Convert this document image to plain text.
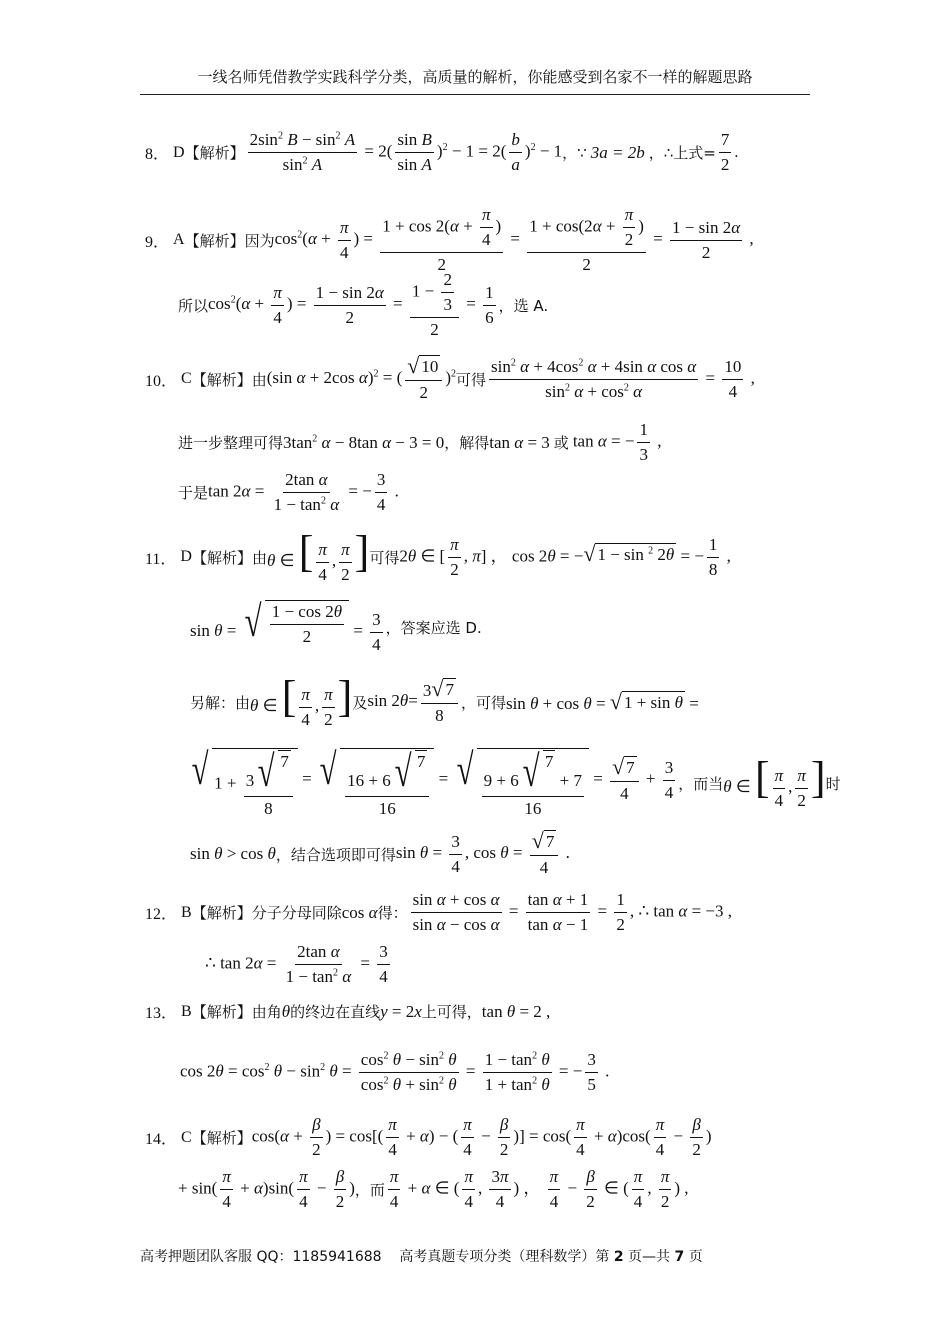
一线名师凭借教学实践科学分类，高质量的解析，你能感受到名家不一样的解题思路
8． D 【解析】 $\frac{2\sin^2 B - \sin^2 A}{\sin^2 A} = 2( \frac{\text{sin B}}{\text{sin A}} )^2 - 1 = 2( \frac{b}{a} )^2 - 1$ ，∵ 3a = 2b ，∴上式= $\frac{7}{2}$ .
9． A 【解析】 因为 $\cos^2(\alpha + \frac{\pi}{4}$ ) = $\frac{1 + \cos 2(\alpha + \frac{\pi}{4} )}{2} = \frac{1 + \cos(2\alpha + \frac{\pi}{2} )}{2} = \frac{1 - \sin 2\alpha}{2}$ ,
所以 $\cos^2(\alpha + \frac{\pi}{4}$ ) = $\frac{1 - \sin 2\alpha}{2} = \frac{1 - \frac{2}{3}}{2} = \frac{1}{6}$ ，选 A.
10． C 【解析】 由 (sin α + 2cos α)$^2$ = ( $\frac{√ 10}{2} )^2$ 可得 $\frac{\sin^2 \alpha + 4\cos^2 \alpha + 4\sin \alpha \cos \alpha}{\sin^2 \alpha + \cos^2 \alpha} = \frac{10}{4}$ ,
进一步整理可得 $3\tan^2$ α − 8tan α − 3 = 0 ，解得 tan α = 3 或 tan α = − $\frac{1}{3}$ ,
于是 $\tan 2\alpha = \frac{\text{2tan α}}{1 - \tan^2 \alpha}$ = − $\frac{3}{4}$ .
11． D 【解析】 由 θ ∈ [ $\frac{\pi}{4}$ , $\frac{\pi}{2}$ ] 可得 2θ ∈ [ $\frac{\pi}{2}$ , π] ， cos 2θ = − √ 1 − sin $^2$ 2θ = − $\frac{1}{8}$ ,
sin θ = √ $\frac{1 - \cos 2\theta}{2} = \frac{3}{4}$ ，答案应选 D.
另解：由 θ ∈ [ $\frac{\pi}{4}$ , $\frac{\pi}{2}$ ] 及 $\sin 2\theta= \frac{3 √ 7}{8}$ ，可得 sin θ + cos θ = √ 1 + sin θ =
√ $1 + \frac{3 √ 7}{8}$ = √ $\frac{16 + 6 √ 7}{16}$ = √ 9 + 6 √ 7
+ 7
$16 = \frac{√ 7}{4} + \frac{3}{4}$ ，而当 θ ∈ [ $\frac{\pi}{4}$ , $\frac{\pi}{2}$ ] 时
sin θ > cos θ ，结合选项即可得 $\sin \theta = \frac{3}{4}$ , $\cos \theta = \frac{√ 7}{4}$ .
12． B 【解析】 分子分母同除 cos α 得： $\frac{\text{sin α + cos α}}{\text{sin α − cos α}} = \frac{\text{tan α + 1}}{\text{tan α − 1}} = \frac{1}{2}$ , ∴ tan α = −3 ,
∴ $\tan 2\alpha = \frac{\text{2tan α}}{1 - \tan^2 \alpha} = \frac{3}{4}$
13． B 【解析】 由角 θ 的终边在直线 y = 2x 上可得， tan θ = 2 ,
$\cos 2\theta = \cos^2 \theta - \sin^2 \theta = \frac{\cos^2 \theta - \sin^2 \theta}{\cos^2 \theta + \sin^2 \theta} = \frac{1 - \tan^2 \theta}{1 + \tan^2 \theta}$ = − $\frac{3}{5}$ .
14． C 【解析】 $\cos(\alpha + \frac{\beta}{2}$ ) = $\cos[( \frac{\pi}{4} + \alpha)$ − ( $\frac{\pi}{4} - \frac{\beta}{2}$ )] = $\cos( \frac{\pi}{4} + \alpha)\cos( \frac{\pi}{4} - \frac{\beta}{2}$ )
+ $\sin( \frac{\pi}{4} + \alpha)\sin( \frac{\pi}{4} - \frac{\beta}{2}$ ) ，而 $\frac{\pi}{4} + \alpha$ ∈ ( $\frac{\pi}{4}$ , $\frac{3\pi}{4}$ ) ， $\frac{\pi}{4} - \frac{\beta}{2}$ ∈ ( $\frac{\pi}{4}$ , $\frac{\pi}{2}$ ) ,
高考押题团队客服 QQ：1185941688 高考真题专项分类（理科数学）第 2 页—共 7 页
